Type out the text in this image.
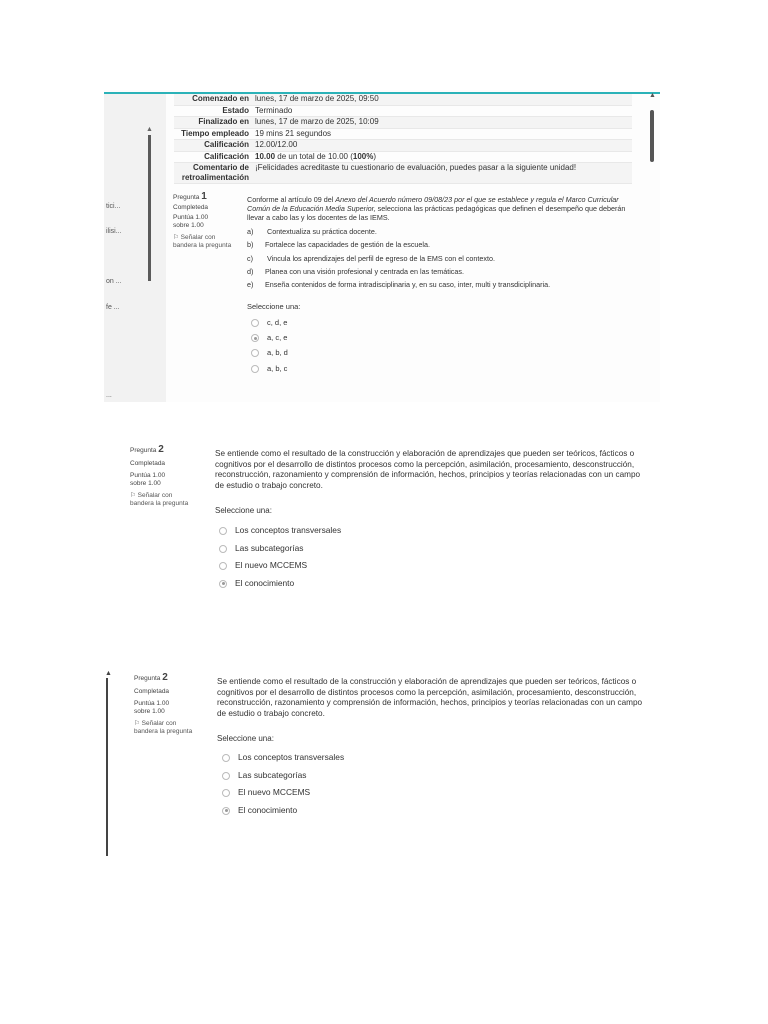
▲
▲
Comenzado en	lunes, 17 de marzo de 2025, 09:50
Estado	Terminado
Finalizado en	lunes, 17 de marzo de 2025, 10:09
Tiempo empleado	19 mins 21 segundos
Calificación	12.00/12.00
Calificación	10.00 de un total de 10.00 (100%)
Comentario de
retroalimentación	¡Felicidades acreditaste tu cuestionario de evaluación, puedes pasar a la siguiente unidad!
tici...
ilisi...
on ...
fe ...
...
Pregunta 1
Completeda
Puntúa 1.00
sobre 1.00
⚐ Señalar con bandera la pregunta
Conforme al artículo 09 del Anexo del Acuerdo número 09/08/23 por el que se establece y regula el Marco Curricular Común de la Educación Media Superior, selecciona las prácticas pedagógicas que definen el desempeño que deberán llevar a cabo las y los docentes de las IEMS.
a) Contextualiza su práctica docente.
b) Fortalece las capacidades de gestión de la escuela.
c) Vincula los aprendizajes del perfil de egreso de la EMS con el contexto.
d) Planea con una visión profesional y centrada en las temáticas.
e) Enseña contenidos de forma intradisciplinaria y, en su caso, inter, multi y transdiciplinaria.
Seleccione una:
c, d, e
a, c, e
a, b, d
a, b, c
Pregunta 2
Completada
Puntúa 1.00
sobre 1.00
⚐ Señalar con bandera la pregunta
Se entiende como el resultado de la construcción y elaboración de aprendizajes que pueden ser teóricos, fácticos o cognitivos por el desarrollo de distintos procesos como la percepción, asimilación, procesamiento, desconstrucción, reconstrucción, razonamiento y comprensión de información, hechos, principios y teorías relacionadas con un campo de estudio o trabajo concreto.
Seleccione una:
Los conceptos transversales
Las subcategorías
El nuevo MCCEMS
El conocimiento
▲
Pregunta 2
Completada
Puntúa 1.00
sobre 1.00
⚐ Señalar con bandera la pregunta
Se entiende como el resultado de la construcción y elaboración de aprendizajes que pueden ser teóricos, fácticos o cognitivos por el desarrollo de distintos procesos como la percepción, asimilación, procesamiento, desconstrucción, reconstrucción, razonamiento y comprensión de información, hechos, principios y teorías relacionadas con un campo de estudio o trabajo concreto.
Seleccione una:
Los conceptos transversales
Las subcategorías
El nuevo MCCEMS
El conocimiento
